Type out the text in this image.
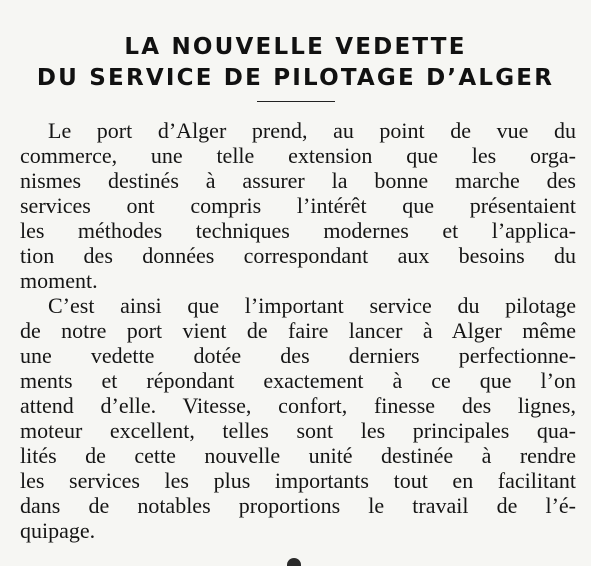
LA NOUVELLE VEDETTE
DU SERVICE DE PILOTAGE D’ALGER
Le port d’Alger prend, au point de vue du
commerce, une telle extension que les orga-
nismes destinés à assurer la bonne marche des
services ont compris l’intérêt que présentaient
les méthodes techniques modernes et l’applica-
tion des données correspondant aux besoins du
moment.
C’est ainsi que l’important service du pilotage
de notre port vient de faire lancer à Alger même
une vedette dotée des derniers perfectionne-
ments et répondant exactement à ce que l’on
attend d’elle. Vitesse, confort, finesse des lignes,
moteur excellent, telles sont les principales qua-
lités de cette nouvelle unité destinée à rendre
les services les plus importants tout en facilitant
dans de notables proportions le travail de l’é-
quipage.
